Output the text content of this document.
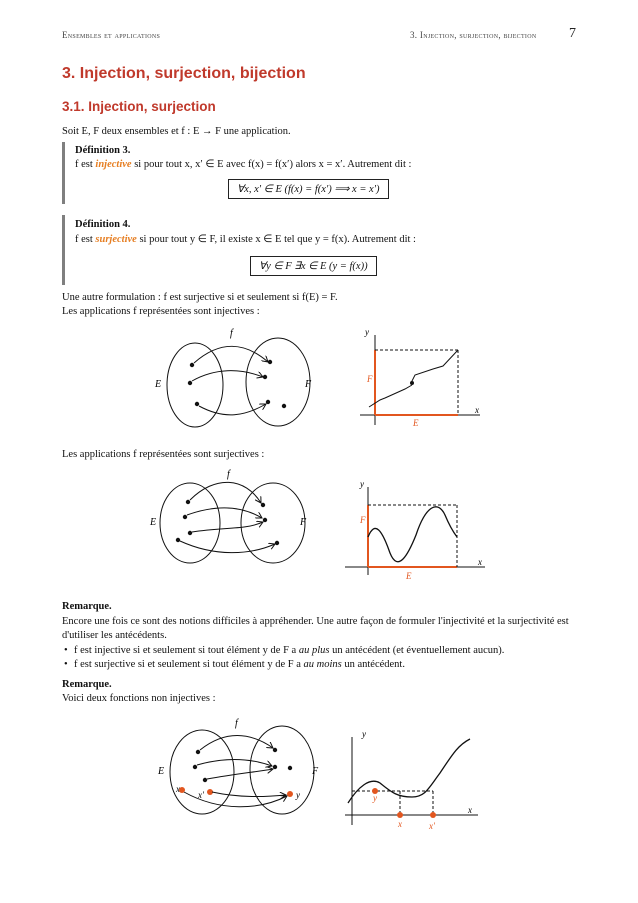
Ensembles et applications	3. Injection, surjection, bijection 7
3. Injection, surjection, bijection
3.1. Injection, surjection
Soit E, F deux ensembles et f : E → F une application.
Définition 3.
f est injective si pour tout x, x′ ∈ E avec f(x) = f(x′) alors x = x′. Autrement dit :
∀x, x′ ∈ E (f(x) = f(x′) ⟹ x = x′)
Définition 4.
f est surjective si pour tout y ∈ F, il existe x ∈ E tel que y = f(x). Autrement dit :
∀y ∈ F ∃x ∈ E (y = f(x))
Une autre formulation : f est surjective si et seulement si f(E) = F.
Les applications f représentées sont injectives :
f
E	F
y
x
F
E
Les applications f représentées sont surjectives :
f
E	F
y
x
F
E
Remarque.
Encore une fois ce sont des notions difficiles à appréhender. Une autre façon de formuler l'injectivité et la surjectivité est d'utiliser les antécédents.
• f est injective si et seulement si tout élément y de F a au plus un antécédent (et éventuellement aucun).
• f est surjective si et seulement si tout élément y de F a au moins un antécédent.
Remarque.
Voici deux fonctions non injectives :
f
E	F
x
x′	y
y
x
y
x	x′
